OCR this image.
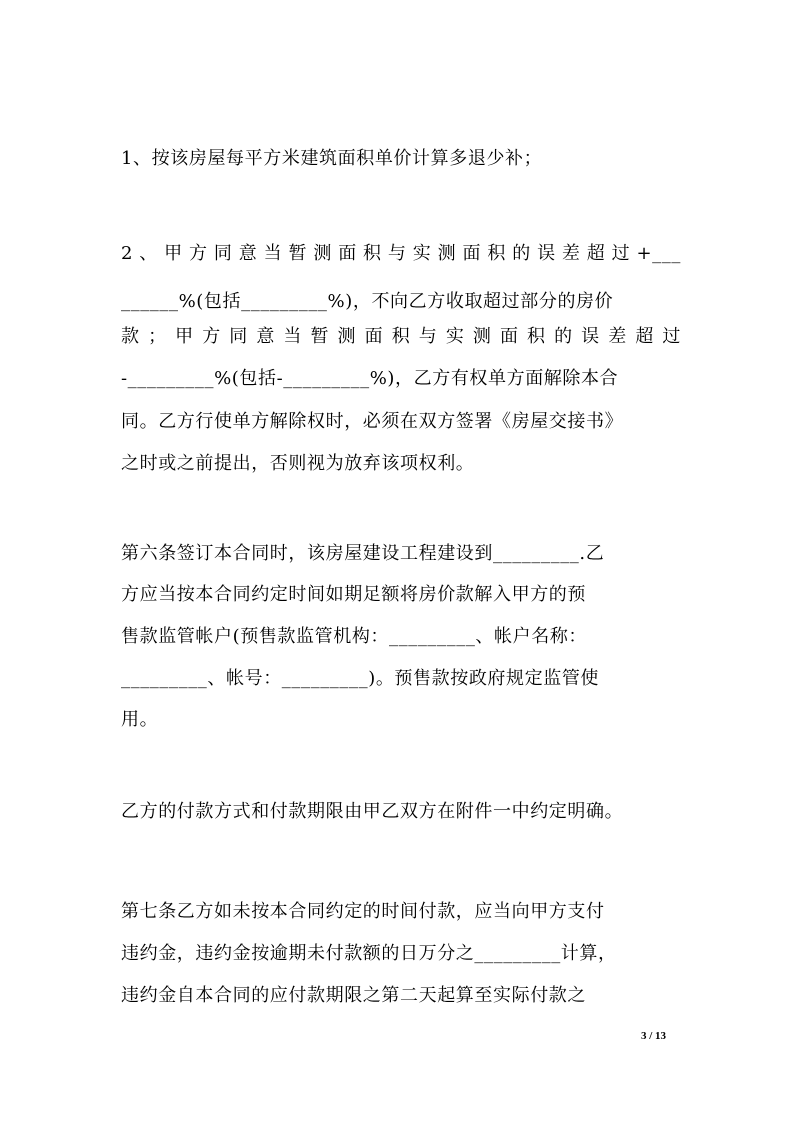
1、按该房屋每平方米建筑面积单价计算多退少补；
2、甲方同意当暂测面积与实测面积的误差超过+___
______%(包括_________%)，不向乙方收取超过部分的房价
款；甲方同意当暂测面积与实测面积的误差超过
-_________%(包括-_________%)，乙方有权单方面解除本合
同。乙方行使单方解除权时，必须在双方签署《房屋交接书》
之时或之前提出，否则视为放弃该项权利。
第六条签订本合同时，该房屋建设工程建设到_________.乙
方应当按本合同约定时间如期足额将房价款解入甲方的预
售款监管帐户(预售款监管机构：_________、帐户名称：
_________、帐号：_________)。预售款按政府规定监管使
用。
乙方的付款方式和付款期限由甲乙双方在附件一中约定明确。
第七条乙方如未按本合同约定的时间付款，应当向甲方支付
违约金，违约金按逾期未付款额的日万分之_________计算，
违约金自本合同的应付款期限之第二天起算至实际付款之
3 / 13
